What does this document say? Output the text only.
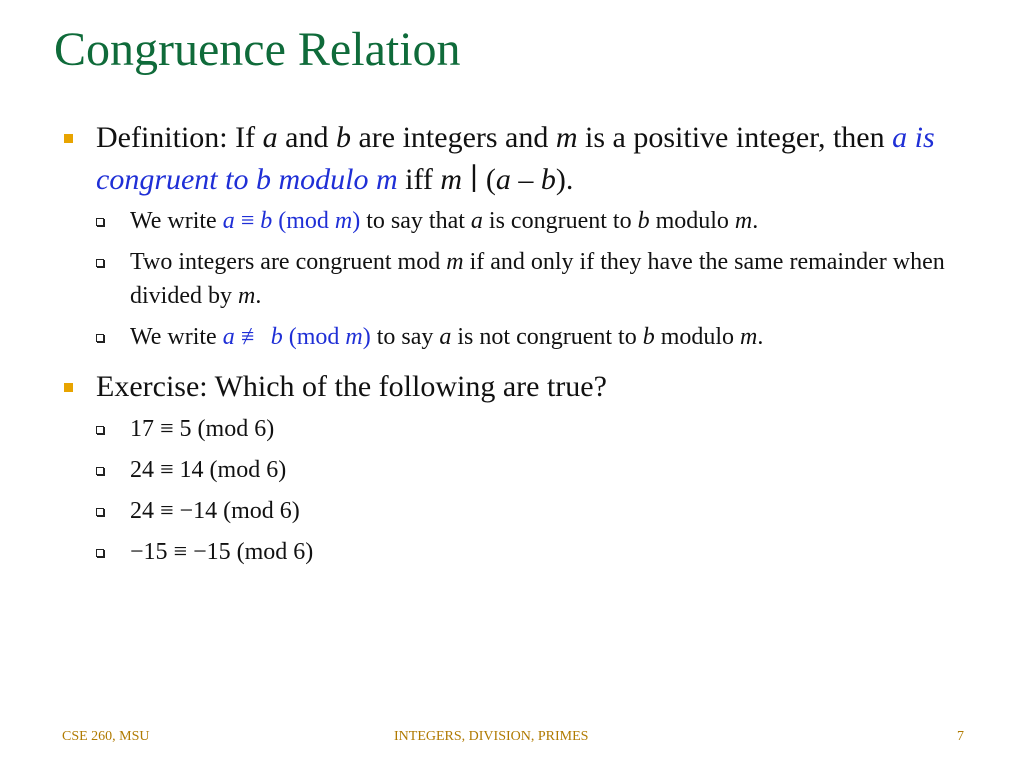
Congruence Relation
Definition: If a and b are integers and m is a positive integer, then a is congruent to b modulo m iff m ∣ (a – b).
We write a ≡ b (mod m) to say that a is congruent to b modulo m.
Two integers are congruent mod m if and only if they have the same remainder when divided by m.
We write a ≢ b (mod m) to say a is not congruent to b modulo m.
Exercise: Which of the following are true?
17 ≡ 5 (mod 6)
24 ≡ 14 (mod 6)
24 ≡ −14 (mod 6)
−15 ≡ −15 (mod 6)
CSE 260, MSU	INTEGERS, DIVISION, PRIMES	7
